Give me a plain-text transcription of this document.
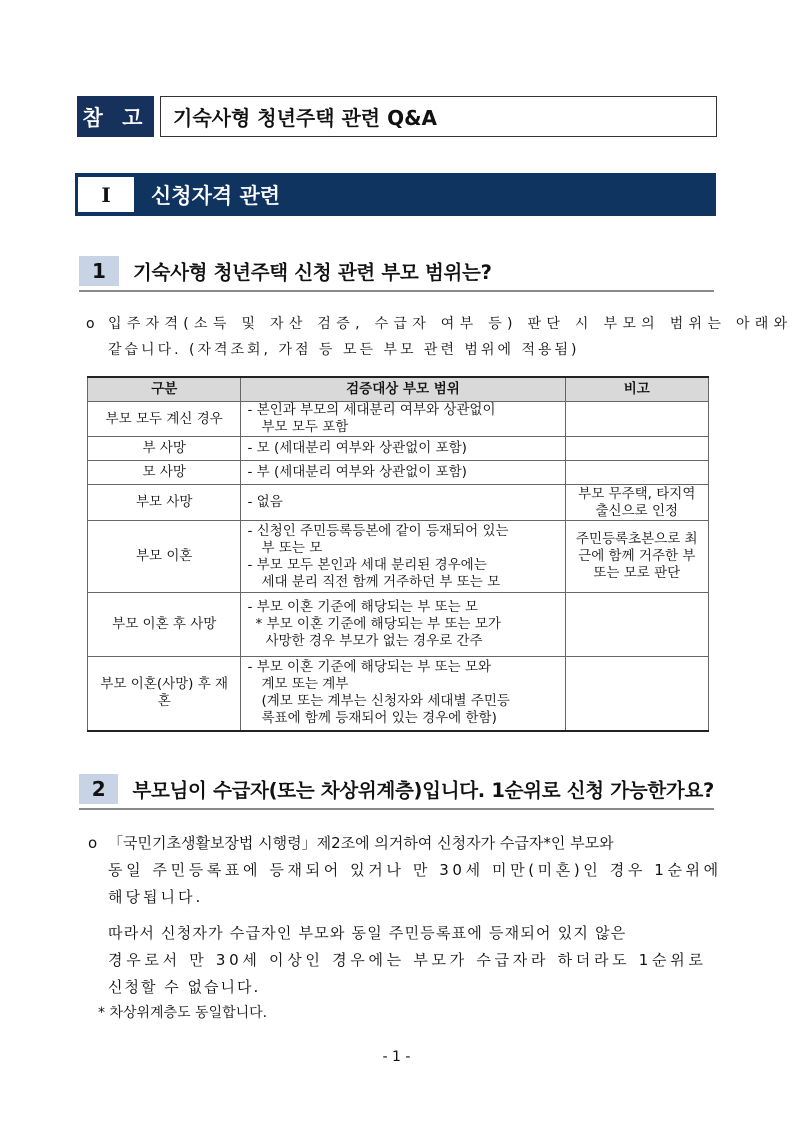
참 고	기숙사형 청년주택 관련 Q&A
Ⅰ	신청자격 관련
1	기숙사형 청년주택 신청 관련 부모 범위는?
o 입주자격(소득 및 자산 검증, 수급자 여부 등) 판단 시 부모의 범위는 아래와
같습니다. (자격조회, 가점 등 모든 부모 관련 범위에 적용됨)
구분	검증대상 부모 범위	비고
부모 모두 계신 경우	- 본인과 부모의 세대분리 여부와 상관없이
부모 모두 포함	

부 사망	- 모 (세대분리 여부와 상관없이 포함)	
모 사망	- 부 (세대분리 여부와 상관없이 포함)	
부모 사망	- 없음	부모 무주택, 타지역 출신으로 인정
부모 이혼	- 신청인 주민등록등본에 같이 등재되어 있는
부 또는 모
- 부모 모두 본인과 세대 분리된 경우에는
세대 분리 직전 함께 거주하던 부 또는 모	주민등록초본으로 최근에 함께 거주한 부 또는 모로 판단
부모 이혼 후 사망	- 부모 이혼 기준에 해당되는 부 또는 모
* 부모 이혼 기준에 해당되는 부 또는 모가
사망한 경우 부모가 없는 경우로 간주	

부모 이혼(사망) 후 재혼	- 부모 이혼 기준에 해당되는 부 또는 모와
계모 또는 계부
(계모 또는 계부는 신청자와 세대별 주민등
록표에 함께 등재되어 있는 경우에 한함)	

2	부모님이 수급자(또는 차상위계층)입니다. 1순위로 신청 가능한가요?
o 「국민기초생활보장법 시행령」제2조에 의거하여 신청자가 수급자*인 부모와
동일 주민등록표에 등재되어 있거나 만 30세 미만(미혼)인 경우 1순위에
해당됩니다.
따라서 신청자가 수급자인 부모와 동일 주민등록표에 등재되어 있지 않은
경우로서 만 30세 이상인 경우에는 부모가 수급자라 하더라도 1순위로
신청할 수 없습니다.
* 차상위계층도 동일합니다.
- 1 -
